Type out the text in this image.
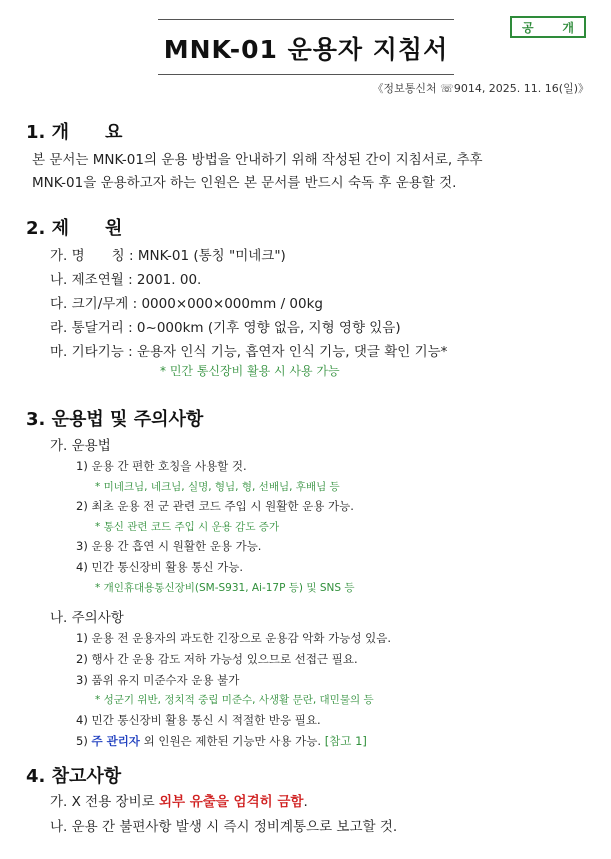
공 개
MNK-01 운용자 지침서
《정보통신처 ☏9014, 2025. 11. 16(일)》
1. 개　　요
본 문서는 MNK-01의 운용 방법을 안내하기 위해 작성된 간이 지침서로, 추후
MNK-01을 운용하고자 하는 인원은 본 문서를 반드시 숙독 후 운용할 것.
2. 제　　원
가. 명　　칭 : MNK-01 (통칭 "미네크")
나. 제조연월 : 2001. 00.
다. 크기/무게 : 0000×000×000mm / 00kg
라. 통달거리 : 0~000km (기후 영향 없음, 지형 영향 있음)
마. 기타기능 : 운용자 인식 기능, 흡연자 인식 기능, 댓글 확인 기능*
* 민간 통신장비 활용 시 사용 가능
3. 운용법 및 주의사항
가. 운용법
1) 운용 간 편한 호칭을 사용할 것.
* 미네크님, 네크님, 실명, 형님, 형, 선배님, 후배님 등
2) 최초 운용 전 군 관련 코드 주입 시 원활한 운용 가능.
* 통신 관련 코드 주입 시 운용 감도 증가
3) 운용 간 흡연 시 원활한 운용 가능.
4) 민간 통신장비 활용 통신 가능.
* 개인휴대용통신장비(SM-S931, Ai-17P 등) 및 SNS 등
나. 주의사항
1) 운용 전 운용자의 과도한 긴장으로 운용감 악화 가능성 있음.
2) 행사 간 운용 감도 저하 가능성 있으므로 선접근 필요.
3) 품위 유지 미준수자 운용 불가
* 성군기 위반, 정치적 중립 미준수, 사생활 문란, 대민물의 등
4) 민간 통신장비 활용 통신 시 적절한 반응 필요.
5) 주 관리자 외 인원은 제한된 기능만 사용 가능. [참고 1]
4. 참고사항
가. X 전용 장비로 외부 유출을 엄격히 금함.
나. 운용 간 불편사항 발생 시 즉시 정비계통으로 보고할 것.
